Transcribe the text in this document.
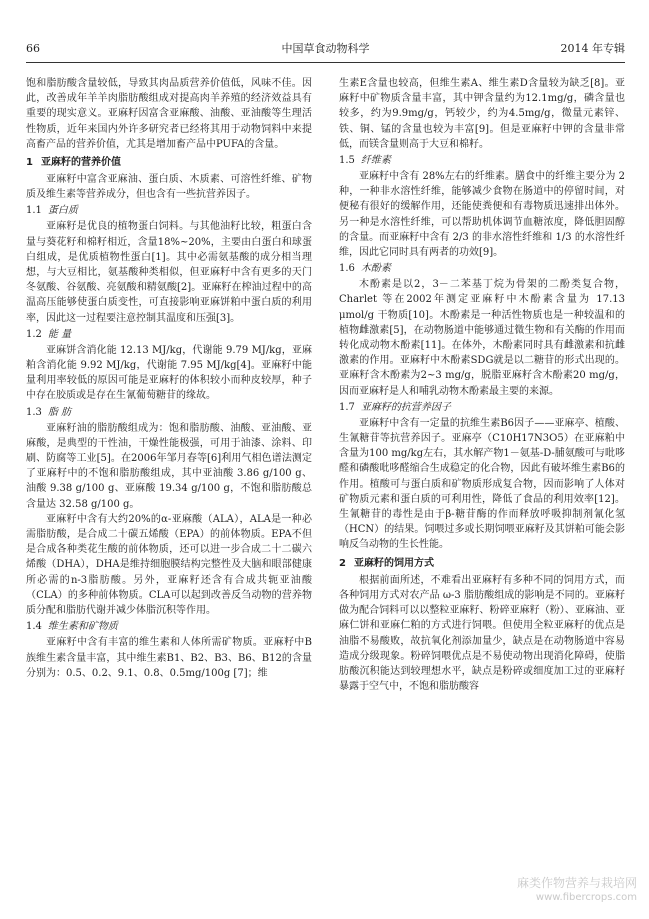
66	中国草食动物科学	2014 年专辑

饱和脂肪酸含量较低，导致其肉品质营养价值低，风味不佳。因此，改善成年羊羊肉脂肪酸组成对提高肉羊养殖的经济效益具有重要的现实意义。亚麻籽因富含亚麻酸、油酸、亚油酸等生理活性物质，近年来国内外许多研究者已经将其用于动物饲料中来提高畜产品的营养价值，尤其是增加畜产品中PUFA的含量。

1 亚麻籽的营养价值

亚麻籽中富含亚麻油、蛋白质、木质素、可溶性纤维、矿物质及维生素等营养成分，但也含有一些抗营养因子。

1.1 蛋白质

亚麻籽是优良的植物蛋白饲料。与其他油籽比较，粗蛋白含量与葵花籽和棉籽相近，含量18%~20%，主要由白蛋白和球蛋白组成，是优质植物性蛋白[1]。其中必需氨基酸的成分相当理想，与大豆相比，氨基酸种类相似，但亚麻籽中含有更多的天门冬氨酸、谷氨酸、亮氨酸和精氨酸[2]。亚麻籽在榨油过程中的高温高压能够使蛋白质变性，可直接影响亚麻饼粕中蛋白质的利用率，因此这一过程要注意控制其温度和压强[3]。

1.2 能 量

亚麻饼含消化能 12.13 MJ/kg，代谢能 9.79 MJ/kg，亚麻粕含消化能 9.92 MJ/kg，代谢能 7.95 MJ/kg[4]。亚麻籽中能量利用率较低的原因可能是亚麻籽的体积较小而种皮较厚，种子中存在胶质或是存在生氰葡萄糖苷的缘故。

1.3 脂 肪

亚麻籽油的脂肪酸组成为：饱和脂肪酸、油酸、亚油酸、亚麻酸，是典型的干性油，干燥性能极强，可用于油漆、涂料、印刷、防腐等工业[5]。在2006年邹月春等[6]利用气相色谱法测定了亚麻籽中的不饱和脂肪酸组成，其中亚油酸 3.86 g/100 g、油酸 9.38 g/100 g、亚麻酸 19.34 g/100 g，不饱和脂肪酸总含量达 32.58 g/100 g。

亚麻籽中含有大约20%的α-亚麻酸（ALA），ALA是一种必需脂肪酸，是合成二十碳五烯酸（EPA）的前体物质。EPA不但是合成各种类花生酸的前体物质，还可以进一步合成二十二碳六烯酸（DHA），DHA是维持细胞膜结构完整性及大脑和眼部健康所必需的n-3脂肪酸。另外，亚麻籽还含有合成共轭亚油酸（CLA）的多种前体物质。CLA可以起到改善反刍动物的营养物质分配和脂肪代谢并减少体脂沉积等作用。

1.4 维生素和矿物质

亚麻籽中含有丰富的维生素和人体所需矿物质。亚麻籽中B族维生素含量丰富，其中维生素B1、B2、B3、B6、B12的含量分别为：0.5、0.2、9.1、0.8、0.5mg/100g [7]；维

生素E含量也较高，但维生素A、维生素D含量较为缺乏[8]。亚麻籽中矿物质含量丰富，其中钾含量约为12.1mg/g，磷含量也较多，约为9.9mg/g，钙较少，约为4.5mg/g，微量元素锌、铁、铜、锰的含量也较为丰富[9]。但是亚麻籽中钾的含量非常低，而镁含量则高于大豆和棉籽。

1.5 纤维素

亚麻籽中含有 28%左右的纤维素。膳食中的纤维主要分为 2 种，一种非水溶性纤维，能够减少食物在肠道中的停留时间，对便秘有很好的缓解作用，还能使粪便和有毒物质迅速排出体外。另一种是水溶性纤维，可以帮助机体调节血糖浓度，降低胆固醇的含量。而亚麻籽中含有 2/3 的非水溶性纤维和 1/3 的水溶性纤维，因此它同时具有两者的功效[9]。

1.6 木酚素

木酚素是以2，3－二苯基丁烷为骨架的二酚类复合物，Charlet 等在2002年测定亚麻籽中木酚素含量为 17.13 μmol/g 干物质[10]。木酚素是一种活性物质也是一种较温和的植物雌激素[5]，在动物肠道中能够通过微生物和有关酶的作用而转化成动物木酚素[11]。在体外，木酚素同时具有雌激素和抗雌激素的作用。亚麻籽中木酚素SDG就是以二糖苷的形式出现的。亚麻籽含木酚素为2~3 mg/g，脱脂亚麻籽含木酚素20 mg/g，因而亚麻籽是人和哺乳动物木酚素最主要的来源。

1.7 亚麻籽的抗营养因子

亚麻籽中含有一定量的抗维生素B6因子——亚麻亭、植酸、生氰糖苷等抗营养因子。亚麻亭（C10H17N3O5）在亚麻粕中含量为100 mg/kg左右，其水解产物1－氨基-D-脯氨酸可与吡哆醛和磷酸吡哆醛缩合生成稳定的化合物，因此有破坏维生素B6的作用。植酸可与蛋白质和矿物质形成复合物，因而影响了人体对矿物质元素和蛋白质的可利用性，降低了食品的利用效率[12]。生氰糖苷的毒性是由于β-糖苷酶的作而释放呼吸抑制剂氰化氢（HCN）的结果。饲喂过多或长期饲喂亚麻籽及其饼粕可能会影响反刍动物的生长性能。

2 亚麻籽的饲用方式

根据前面所述，不难看出亚麻籽有多种不同的饲用方式，而各种饲用方式对农产品 ω-3 脂肪酸组成的影响是不同的。亚麻籽做为配合饲料可以以整粒亚麻籽、粉碎亚麻籽（粉）、亚麻油、亚麻仁饼和亚麻仁粕的方式进行饲喂。但使用全粒亚麻籽的优点是油脂不易酸败，故抗氧化剂添加量少，缺点是在动物肠道中容易造成分级现象。粉碎饲喂优点是不易使动物出现消化障碍，使脂肪酸沉积能达到较理想水平，缺点是粉碎或细度加工过的亚麻籽暴露于空气中，不饱和脂肪酸容

麻类作物营养与栽培网
www.fibercrops.com
